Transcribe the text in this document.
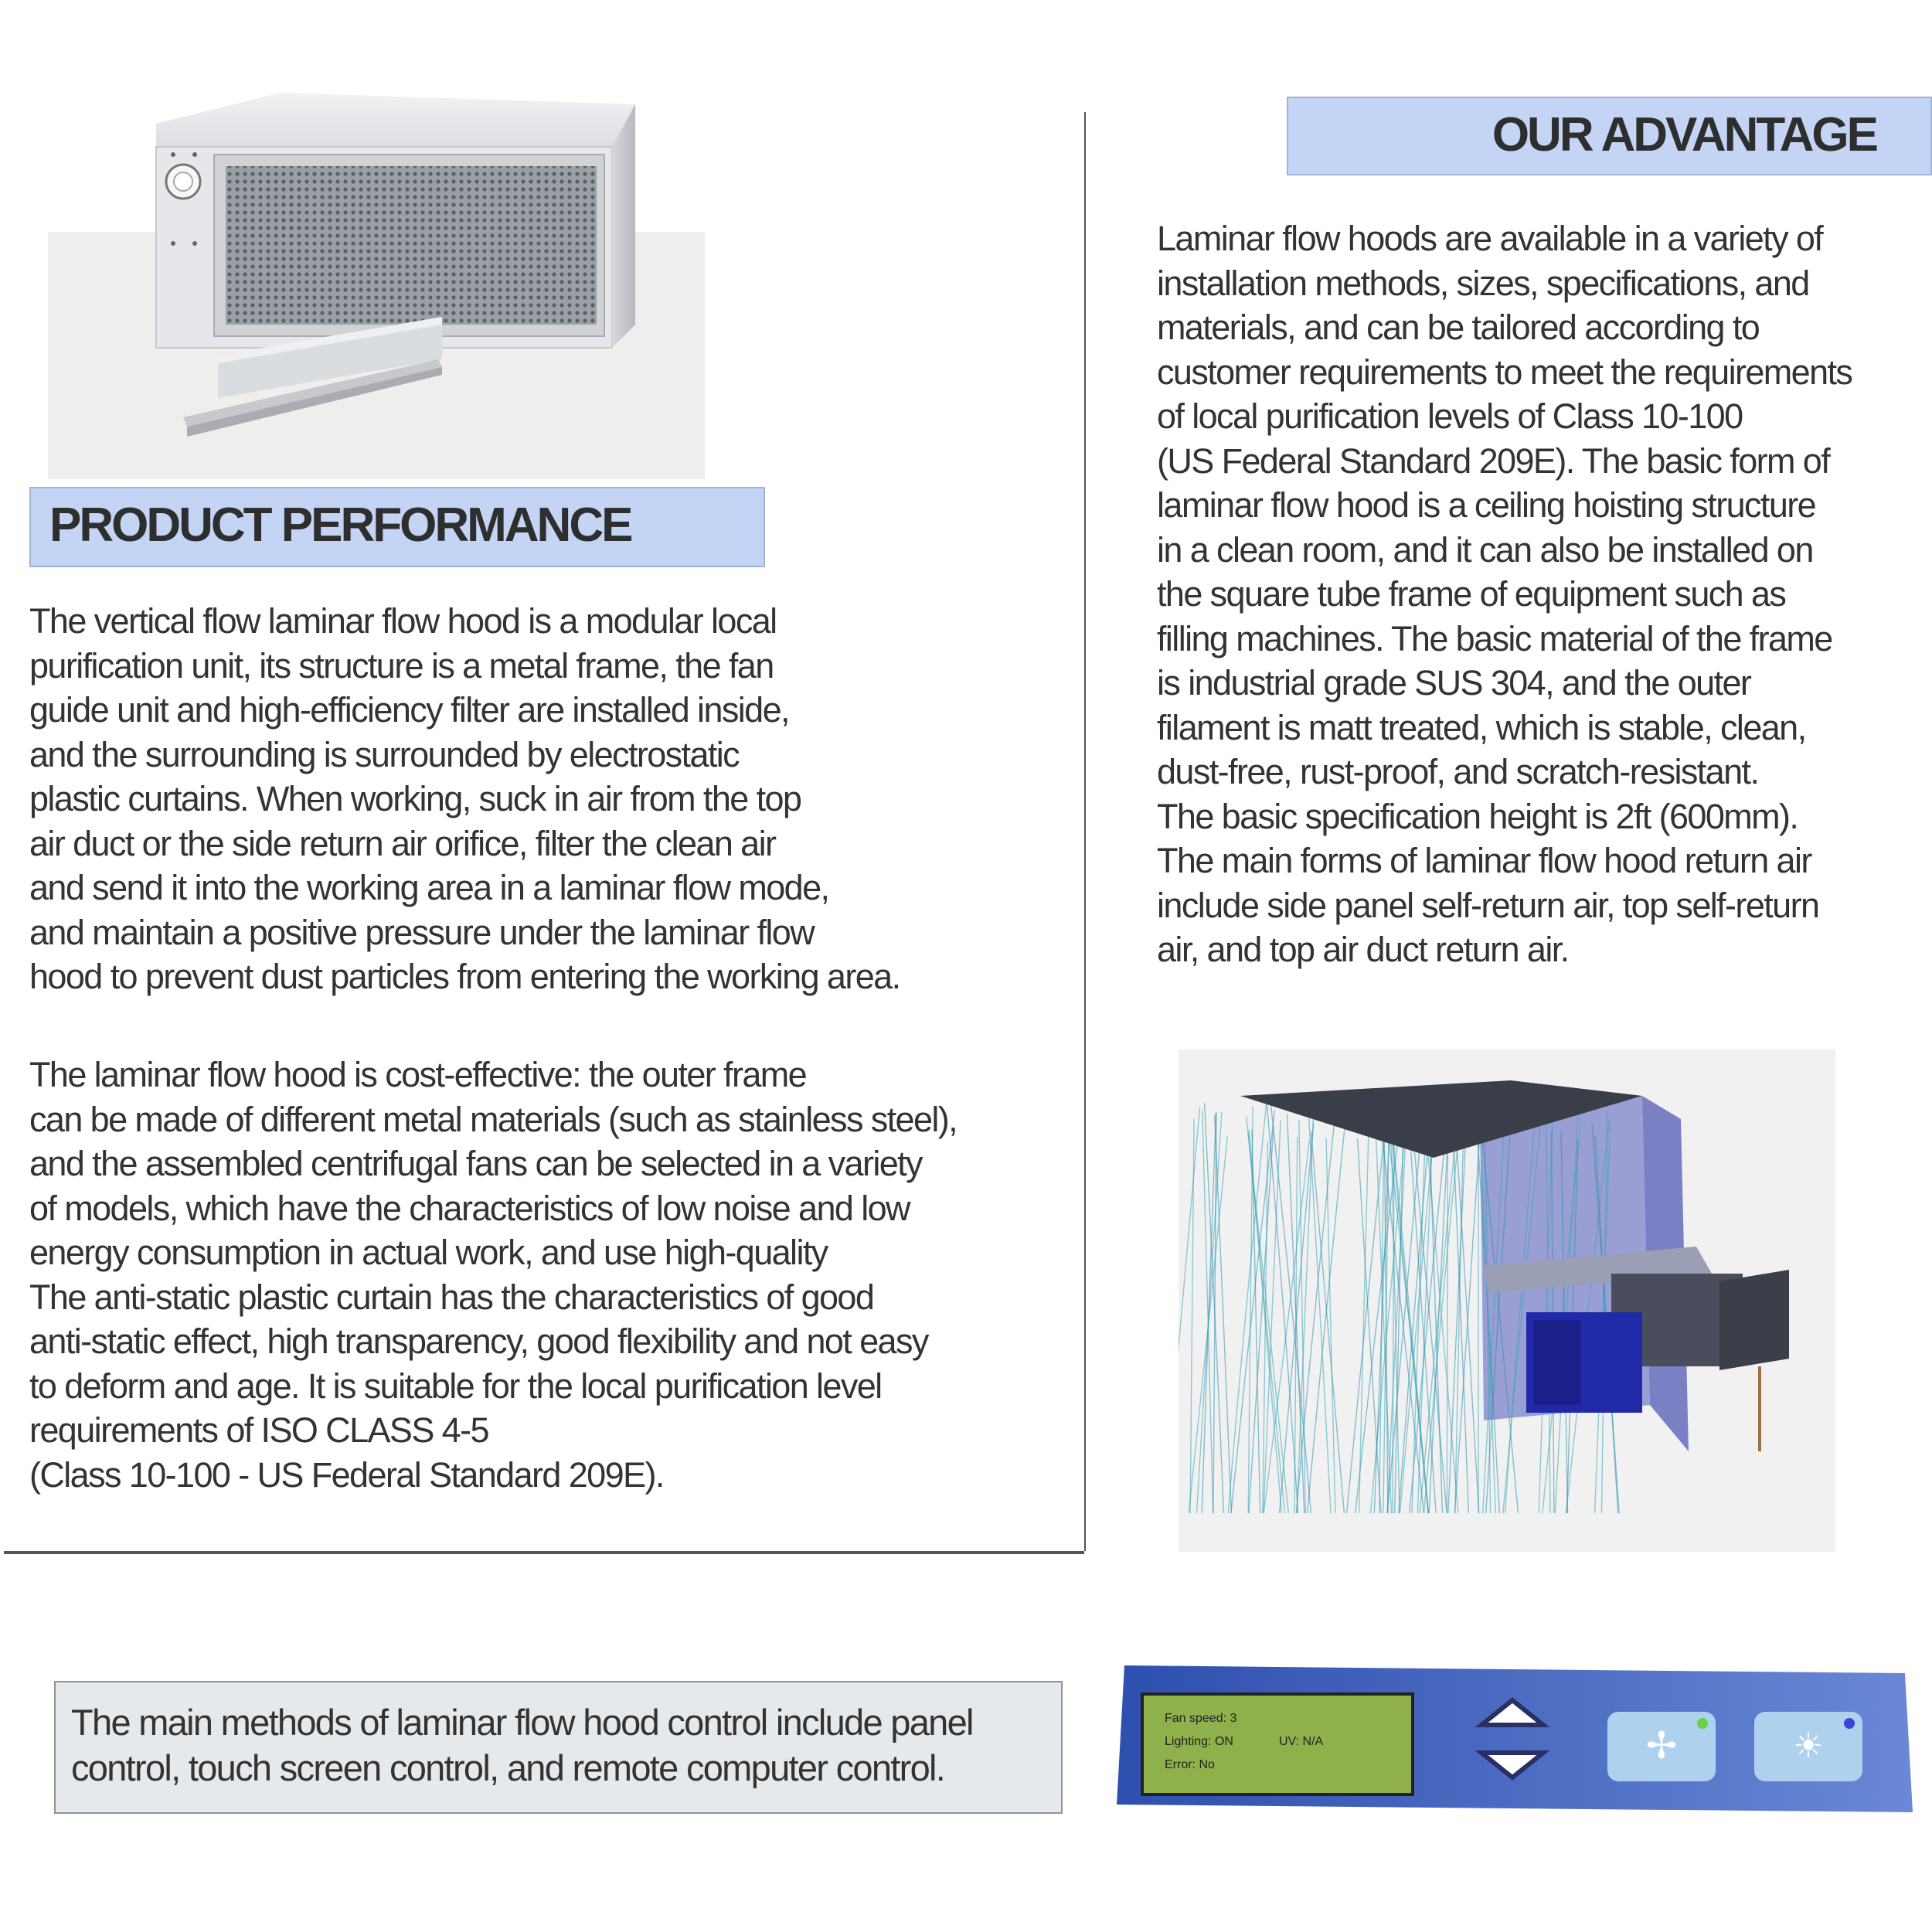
PRODUCT PERFORMANCE
The vertical flow laminar flow hood is a modular local
purification unit, its structure is a metal frame, the fan
guide unit and high-efficiency filter are installed inside,
and the surrounding is surrounded by electrostatic
plastic curtains. When working, suck in air from the top
air duct or the side return air orifice, filter the clean air
and send it into the working area in a laminar flow mode,
and maintain a positive pressure under the laminar flow
hood to prevent dust particles from entering the working area.
The laminar flow hood is cost-effective: the outer frame
can be made of different metal materials (such as stainless steel),
and the assembled centrifugal fans can be selected in a variety
of models, which have the characteristics of low noise and low
energy consumption in actual work, and use high-quality
The anti-static plastic curtain has the characteristics of good
anti-static effect, high transparency, good flexibility and not easy
to deform and age. It is suitable for the local purification level
requirements of ISO CLASS 4-5
(Class 10-100 - US Federal Standard 209E).
OUR ADVANTAGE
Laminar flow hoods are available in a variety of
installation methods, sizes, specifications, and
materials, and can be tailored according to
customer requirements to meet the requirements
of local purification levels of Class 10-100
(US Federal Standard 209E). The basic form of
laminar flow hood is a ceiling hoisting structure
in a clean room, and it can also be installed on
the square tube frame of equipment such as
filling machines. The basic material of the frame
is industrial grade SUS 304, and the outer
filament is matt treated, which is stable, clean,
dust-free, rust-proof, and scratch-resistant.
The basic specification height is 2ft (600mm).
The main forms of laminar flow hood return air
include side panel self-return air, top self-return
air, and top air duct return air.
The main methods of laminar flow hood control include panel
control, touch screen control, and remote computer control.
Fan speed: 3
Lighting: ON	UV: N/A
Error: No	✢	☀
